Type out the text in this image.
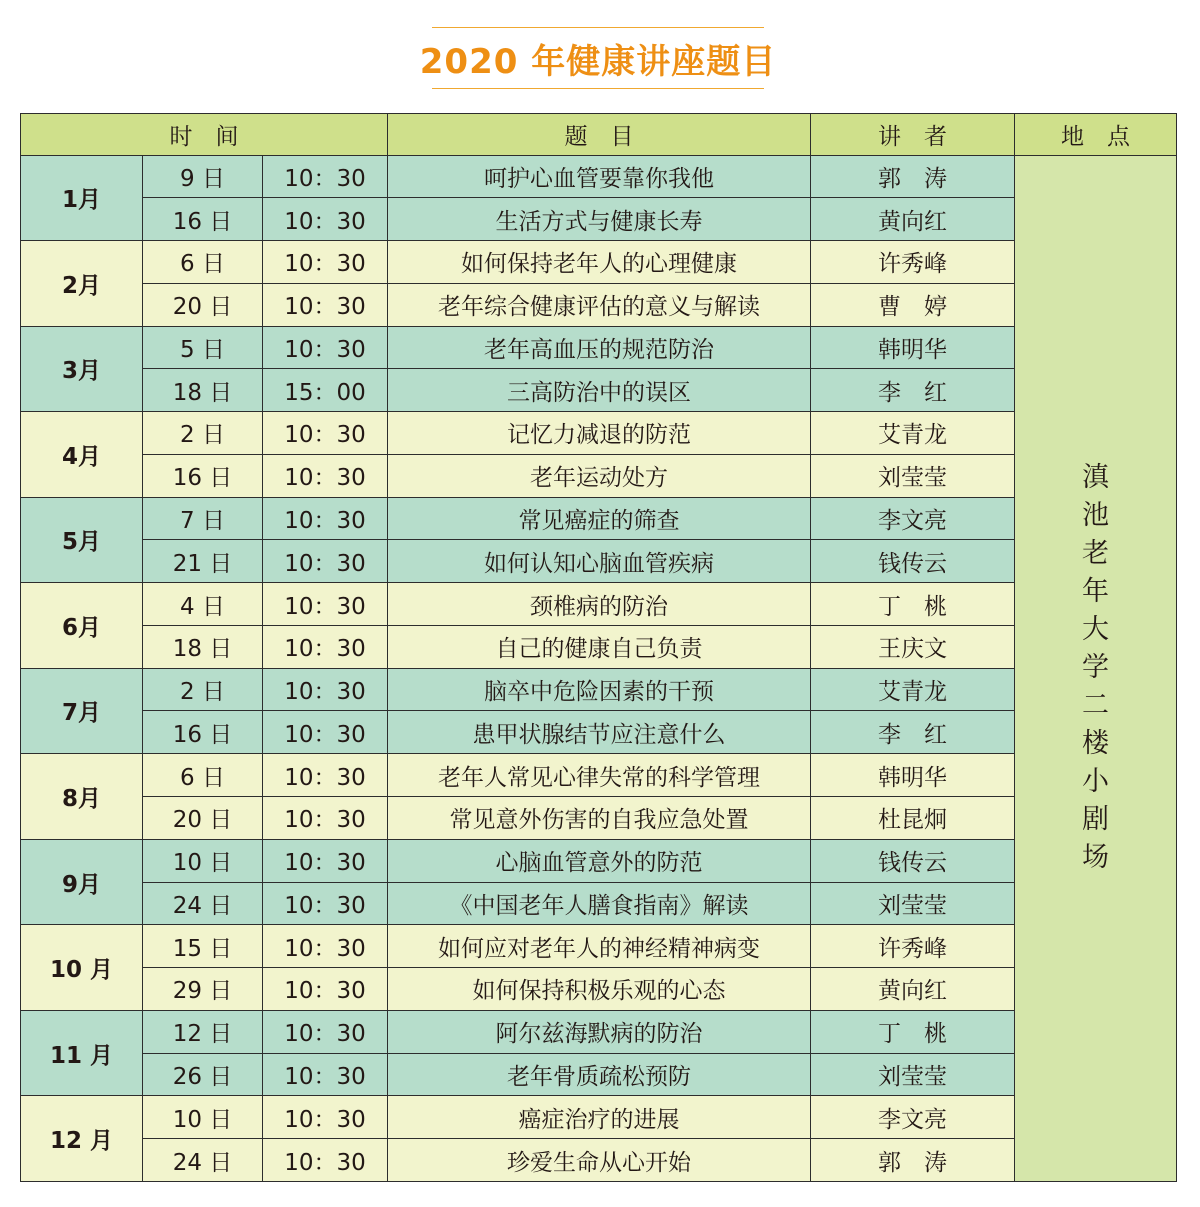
2020 年健康讲座题目
时　间			题　目	讲　者	地　点
1月	9 日	10：30	呵护心血管要靠你我他	郭　涛	滇池老年大学二楼小剧场
	16 日	10：30	生活方式与健康长寿	黄向红	
2月	6 日	10：30	如何保持老年人的心理健康	许秀峰	
	20 日	10：30	老年综合健康评估的意义与解读	曹　婷	
3月	5 日	10：30	老年高血压的规范防治	韩明华	
	18 日	15：00	三高防治中的误区	李　红	
4月	2 日	10：30	记忆力减退的防范	艾青龙	
	16 日	10：30	老年运动处方	刘莹莹	
5月	7 日	10：30	常见癌症的筛查	李文亮	
	21 日	10：30	如何认知心脑血管疾病	钱传云	
6月	4 日	10：30	颈椎病的防治	丁　桃	
	18 日	10：30	自己的健康自己负责	王庆文	
7月	2 日	10：30	脑卒中危险因素的干预	艾青龙	
	16 日	10：30	患甲状腺结节应注意什么	李　红	
8月	6 日	10：30	老年人常见心律失常的科学管理	韩明华	
	20 日	10：30	常见意外伤害的自我应急处置	杜昆炯	
9月	10 日	10：30	心脑血管意外的防范	钱传云	
	24 日	10：30	《中国老年人膳食指南》解读	刘莹莹	
10 月	15 日	10：30	如何应对老年人的神经精神病变	许秀峰	
	29 日	10：30	如何保持积极乐观的心态	黄向红	
11 月	12 日	10：30	阿尔兹海默病的防治	丁　桃	
	26 日	10：30	老年骨质疏松预防	刘莹莹	
12 月	10 日	10：30	癌症治疗的进展	李文亮	
	24 日	10：30	珍爱生命从心开始	郭　涛	
